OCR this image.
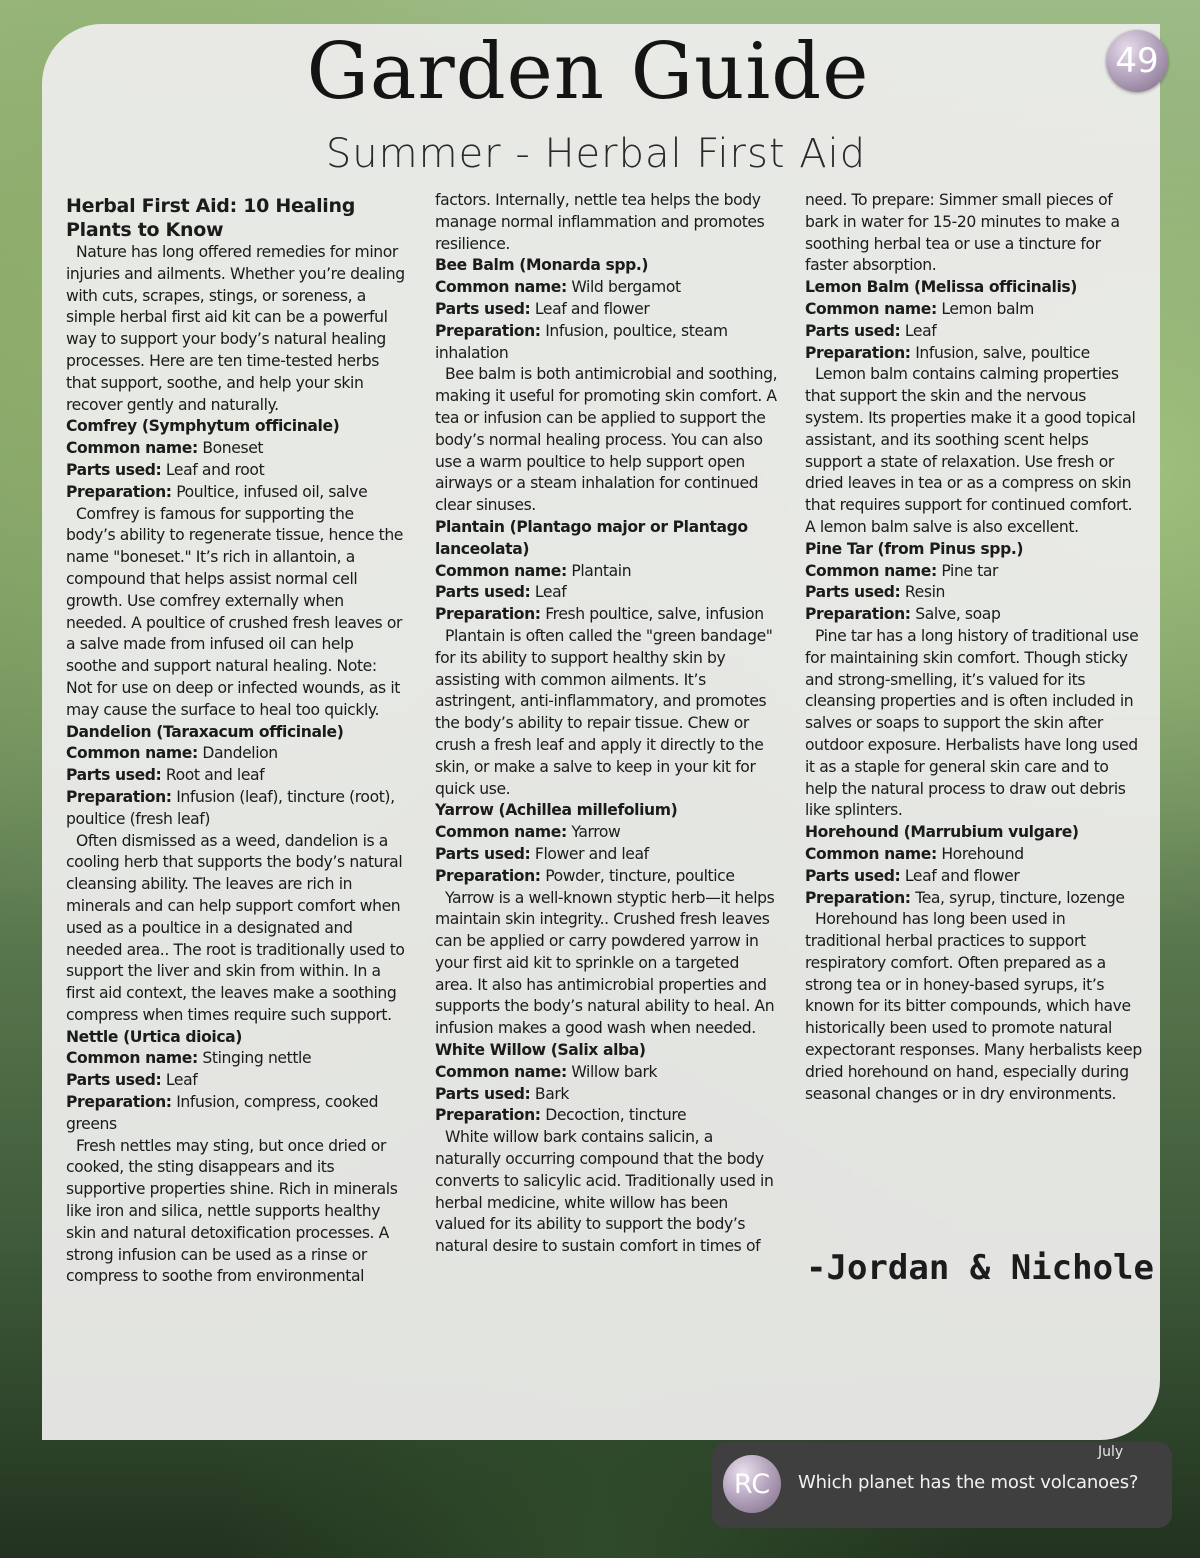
49
Garden Guide
Summer - Herbal First Aid

Herbal First Aid: 10 Healing Plants to Know

Nature has long offered remedies for minor injuries and ailments. Whether you’re dealing with cuts, scrapes, stings, or soreness, a simple herbal first aid kit can be a powerful way to support your body’s natural healing processes. Here are ten time-tested herbs that support, soothe, and help your skin recover gently and naturally.

Comfrey (Symphytum officinale)

Common name: Boneset

Parts used: Leaf and root

Preparation: Poultice, infused oil, salve

Comfrey is famous for supporting the body’s ability to regenerate tissue, hence the name "boneset." It’s rich in allantoin, a compound that helps assist normal cell growth. Use comfrey externally when needed. A poultice of crushed fresh leaves or a salve made from infused oil can help soothe and support natural healing. Note: Not for use on deep or infected wounds, as it may cause the surface to heal too quickly.

Dandelion (Taraxacum officinale)

Common name: Dandelion

Parts used: Root and leaf

Preparation: Infusion (leaf), tincture (root), poultice (fresh leaf)

Often dismissed as a weed, dandelion is a cooling herb that supports the body’s natural cleansing ability. The leaves are rich in minerals and can help support comfort when used as a poultice in a designated and needed area.. The root is traditionally used to support the liver and skin from within. In a first aid context, the leaves make a soothing compress when times require such support.

Nettle (Urtica dioica)

Common name: Stinging nettle

Parts used: Leaf

Preparation: Infusion, compress, cooked greens

Fresh nettles may sting, but once dried or cooked, the sting disappears and its supportive properties shine. Rich in minerals like iron and silica, nettle supports healthy skin and natural detoxification processes. A strong infusion can be used as a rinse or compress to soothe from environmental

factors. Internally, nettle tea helps the body manage normal inflammation and promotes resilience.

Bee Balm (Monarda spp.)

Common name: Wild bergamot

Parts used: Leaf and flower

Preparation: Infusion, poultice, steam inhalation

Bee balm is both antimicrobial and soothing, making it useful for promoting skin comfort. A tea or infusion can be applied to support the body’s normal healing process. You can also use a warm poultice to help support open airways or a steam inhalation for continued clear sinuses.

Plantain (Plantago major or Plantago lanceolata)

Common name: Plantain

Parts used: Leaf

Preparation: Fresh poultice, salve, infusion

Plantain is often called the "green bandage" for its ability to support healthy skin by assisting with common ailments. It’s astringent, anti-inflammatory, and promotes the body’s ability to repair tissue. Chew or crush a fresh leaf and apply it directly to the skin, or make a salve to keep in your kit for quick use.

Yarrow (Achillea millefolium)

Common name: Yarrow

Parts used: Flower and leaf

Preparation: Powder, tincture, poultice

Yarrow is a well-known styptic herb—it helps maintain skin integrity.. Crushed fresh leaves can be applied or carry powdered yarrow in your first aid kit to sprinkle on a targeted area. It also has antimicrobial properties and supports the body’s natural ability to heal. An infusion makes a good wash when needed.

White Willow (Salix alba)

Common name: Willow bark

Parts used: Bark

Preparation: Decoction, tincture

White willow bark contains salicin, a naturally occurring compound that the body converts to salicylic acid. Traditionally used in herbal medicine, white willow has been valued for its ability to support the body’s natural desire to sustain comfort in times of

need. To prepare: Simmer small pieces of bark in water for 15-20 minutes to make a soothing herbal tea or use a tincture for faster absorption.

Lemon Balm (Melissa officinalis)

Common name: Lemon balm

Parts used: Leaf

Preparation: Infusion, salve, poultice

Lemon balm contains calming properties that support the skin and the nervous system. Its properties make it a good topical assistant, and its soothing scent helps support a state of relaxation. Use fresh or dried leaves in tea or as a compress on skin that requires support for continued comfort. A lemon balm salve is also excellent.

Pine Tar (from Pinus spp.)

Common name: Pine tar

Parts used: Resin

Preparation: Salve, soap

Pine tar has a long history of traditional use for maintaining skin comfort. Though sticky and strong-smelling, it’s valued for its cleansing properties and is often included in salves or soaps to support the skin after outdoor exposure. Herbalists have long used it as a staple for general skin care and to help the natural process to draw out debris like splinters.

Horehound (Marrubium vulgare)

Common name: Horehound

Parts used: Leaf and flower

Preparation: Tea, syrup, tincture, lozenge

Horehound has long been used in traditional herbal practices to support respiratory comfort. Often prepared as a strong tea or in honey-based syrups, it’s known for its bitter compounds, which have historically been used to promote natural expectorant responses. Many herbalists keep dried horehound on hand, especially during seasonal changes or in dry environments.

-Jordan & Nichole
July
RC	Which planet has the most volcanoes?
